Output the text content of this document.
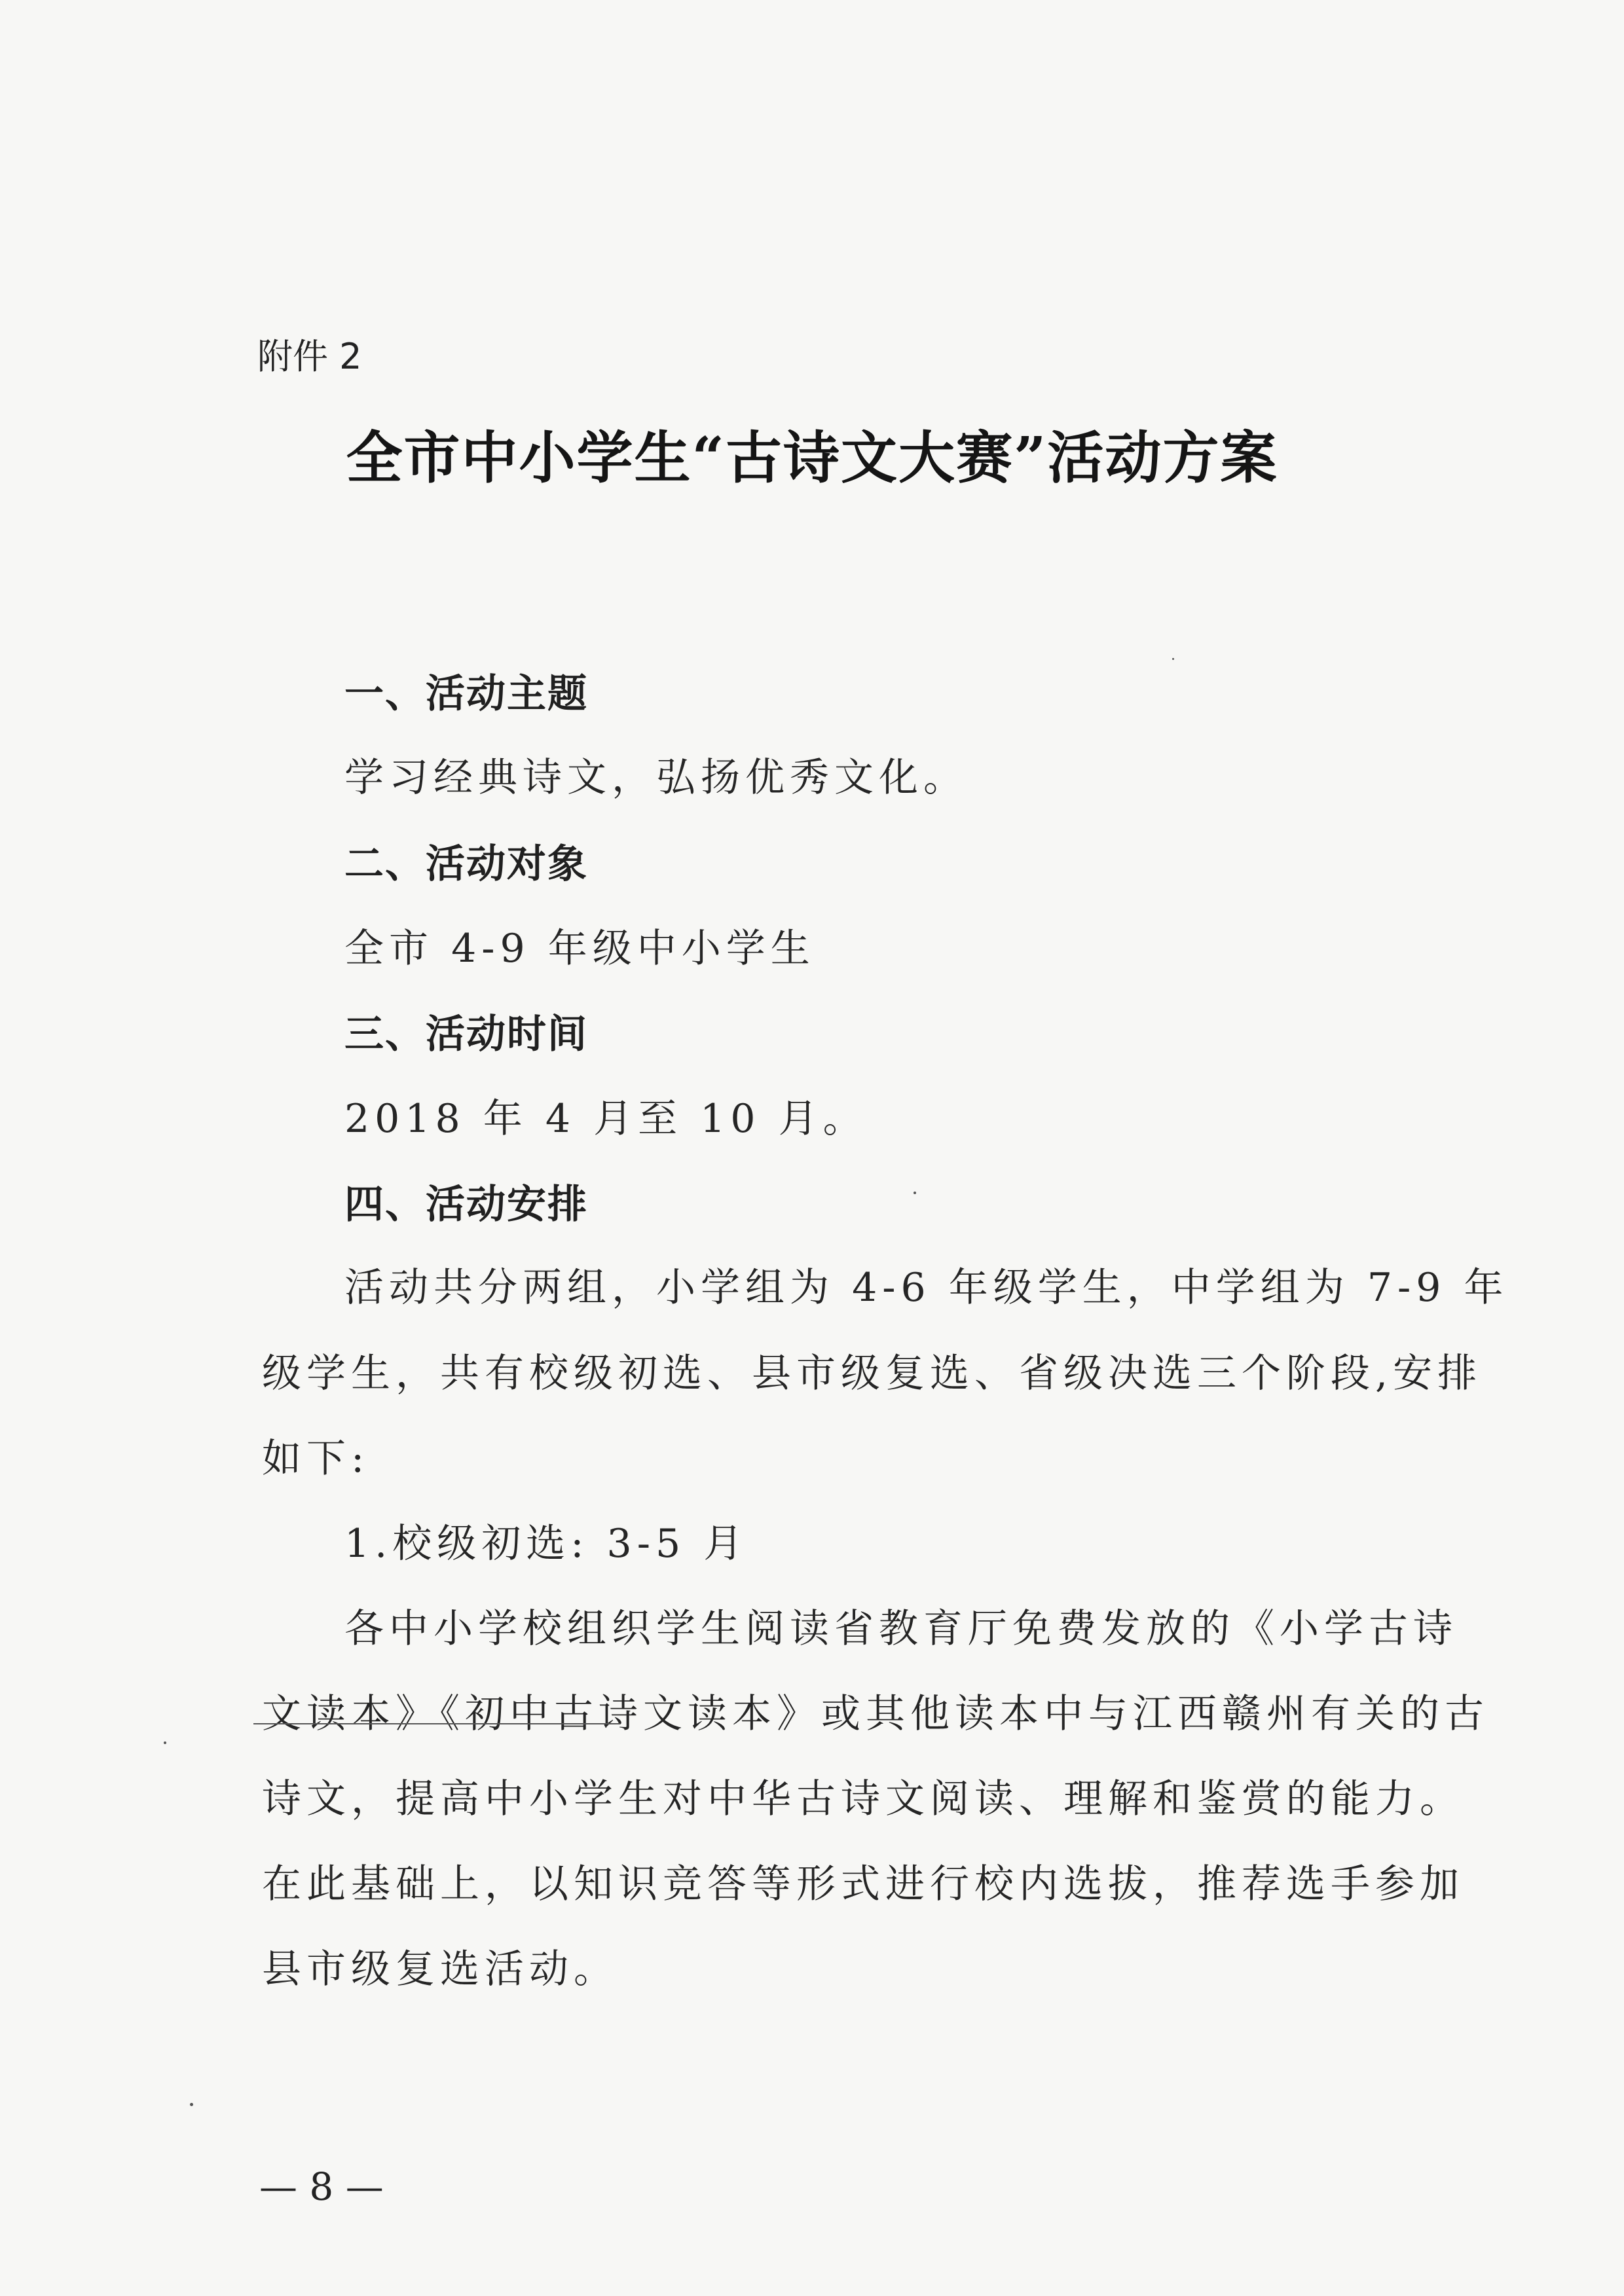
附件 2
全市中小学生“古诗文大赛”活动方案
一、活动主题
学习经典诗文，弘扬优秀文化。
二、活动对象
全市 4-9 年级中小学生
三、活动时间
2018 年 4 月至 10 月。
四、活动安排
活动共分两组，小学组为 4-6 年级学生，中学组为 7-9 年
级学生，共有校级初选、县市级复选、省级决选三个阶段,安排
如下:
1.校级初选: 3-5 月
各中小学校组织学生阅读省教育厅免费发放的《小学古诗
文读本》《初中古诗文读本》或其他读本中与江西赣州有关的古
诗文，提高中小学生对中华古诗文阅读、理解和鉴赏的能力。
在此基础上，以知识竞答等形式进行校内选拔，推荐选手参加
县市级复选活动。
— 8 —
